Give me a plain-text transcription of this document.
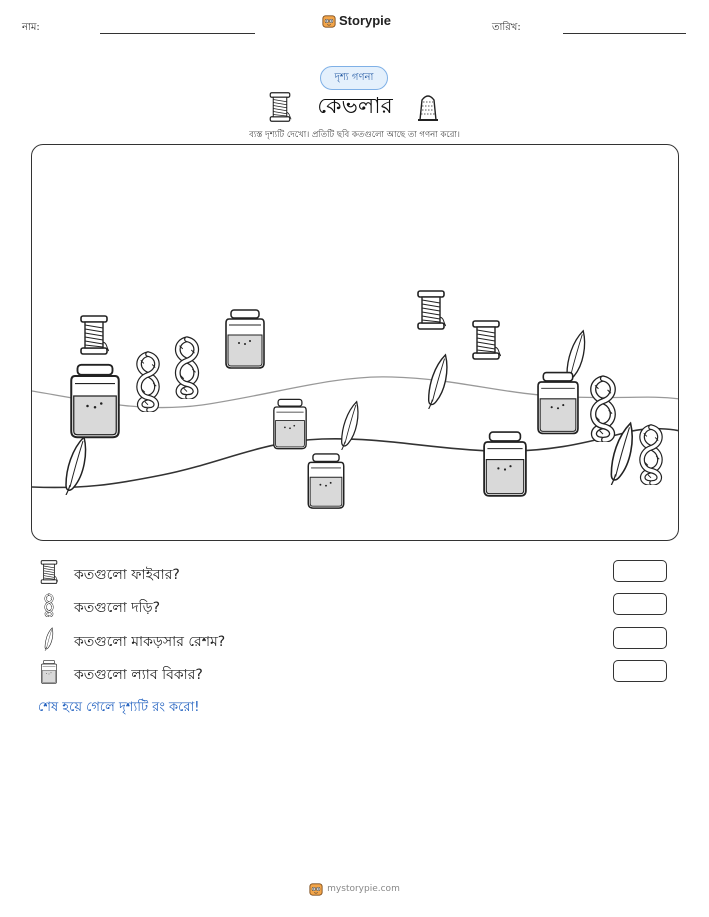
নাম:	Storypie	তারিখ:
দৃশ্য গণনা
কেভলার
ব্যস্ত দৃশ্যটি দেখো। প্রতিটি ছবি কতগুলো আছে তা গণনা করো।
কতগুলো ফাইবার?
কতগুলো দড়ি?
কতগুলো মাকড়সার রেশম?
কতগুলো ল্যাব বিকার?
শেষ হয়ে গেলে দৃশ্যটি রং করো!
mystorypie.com
